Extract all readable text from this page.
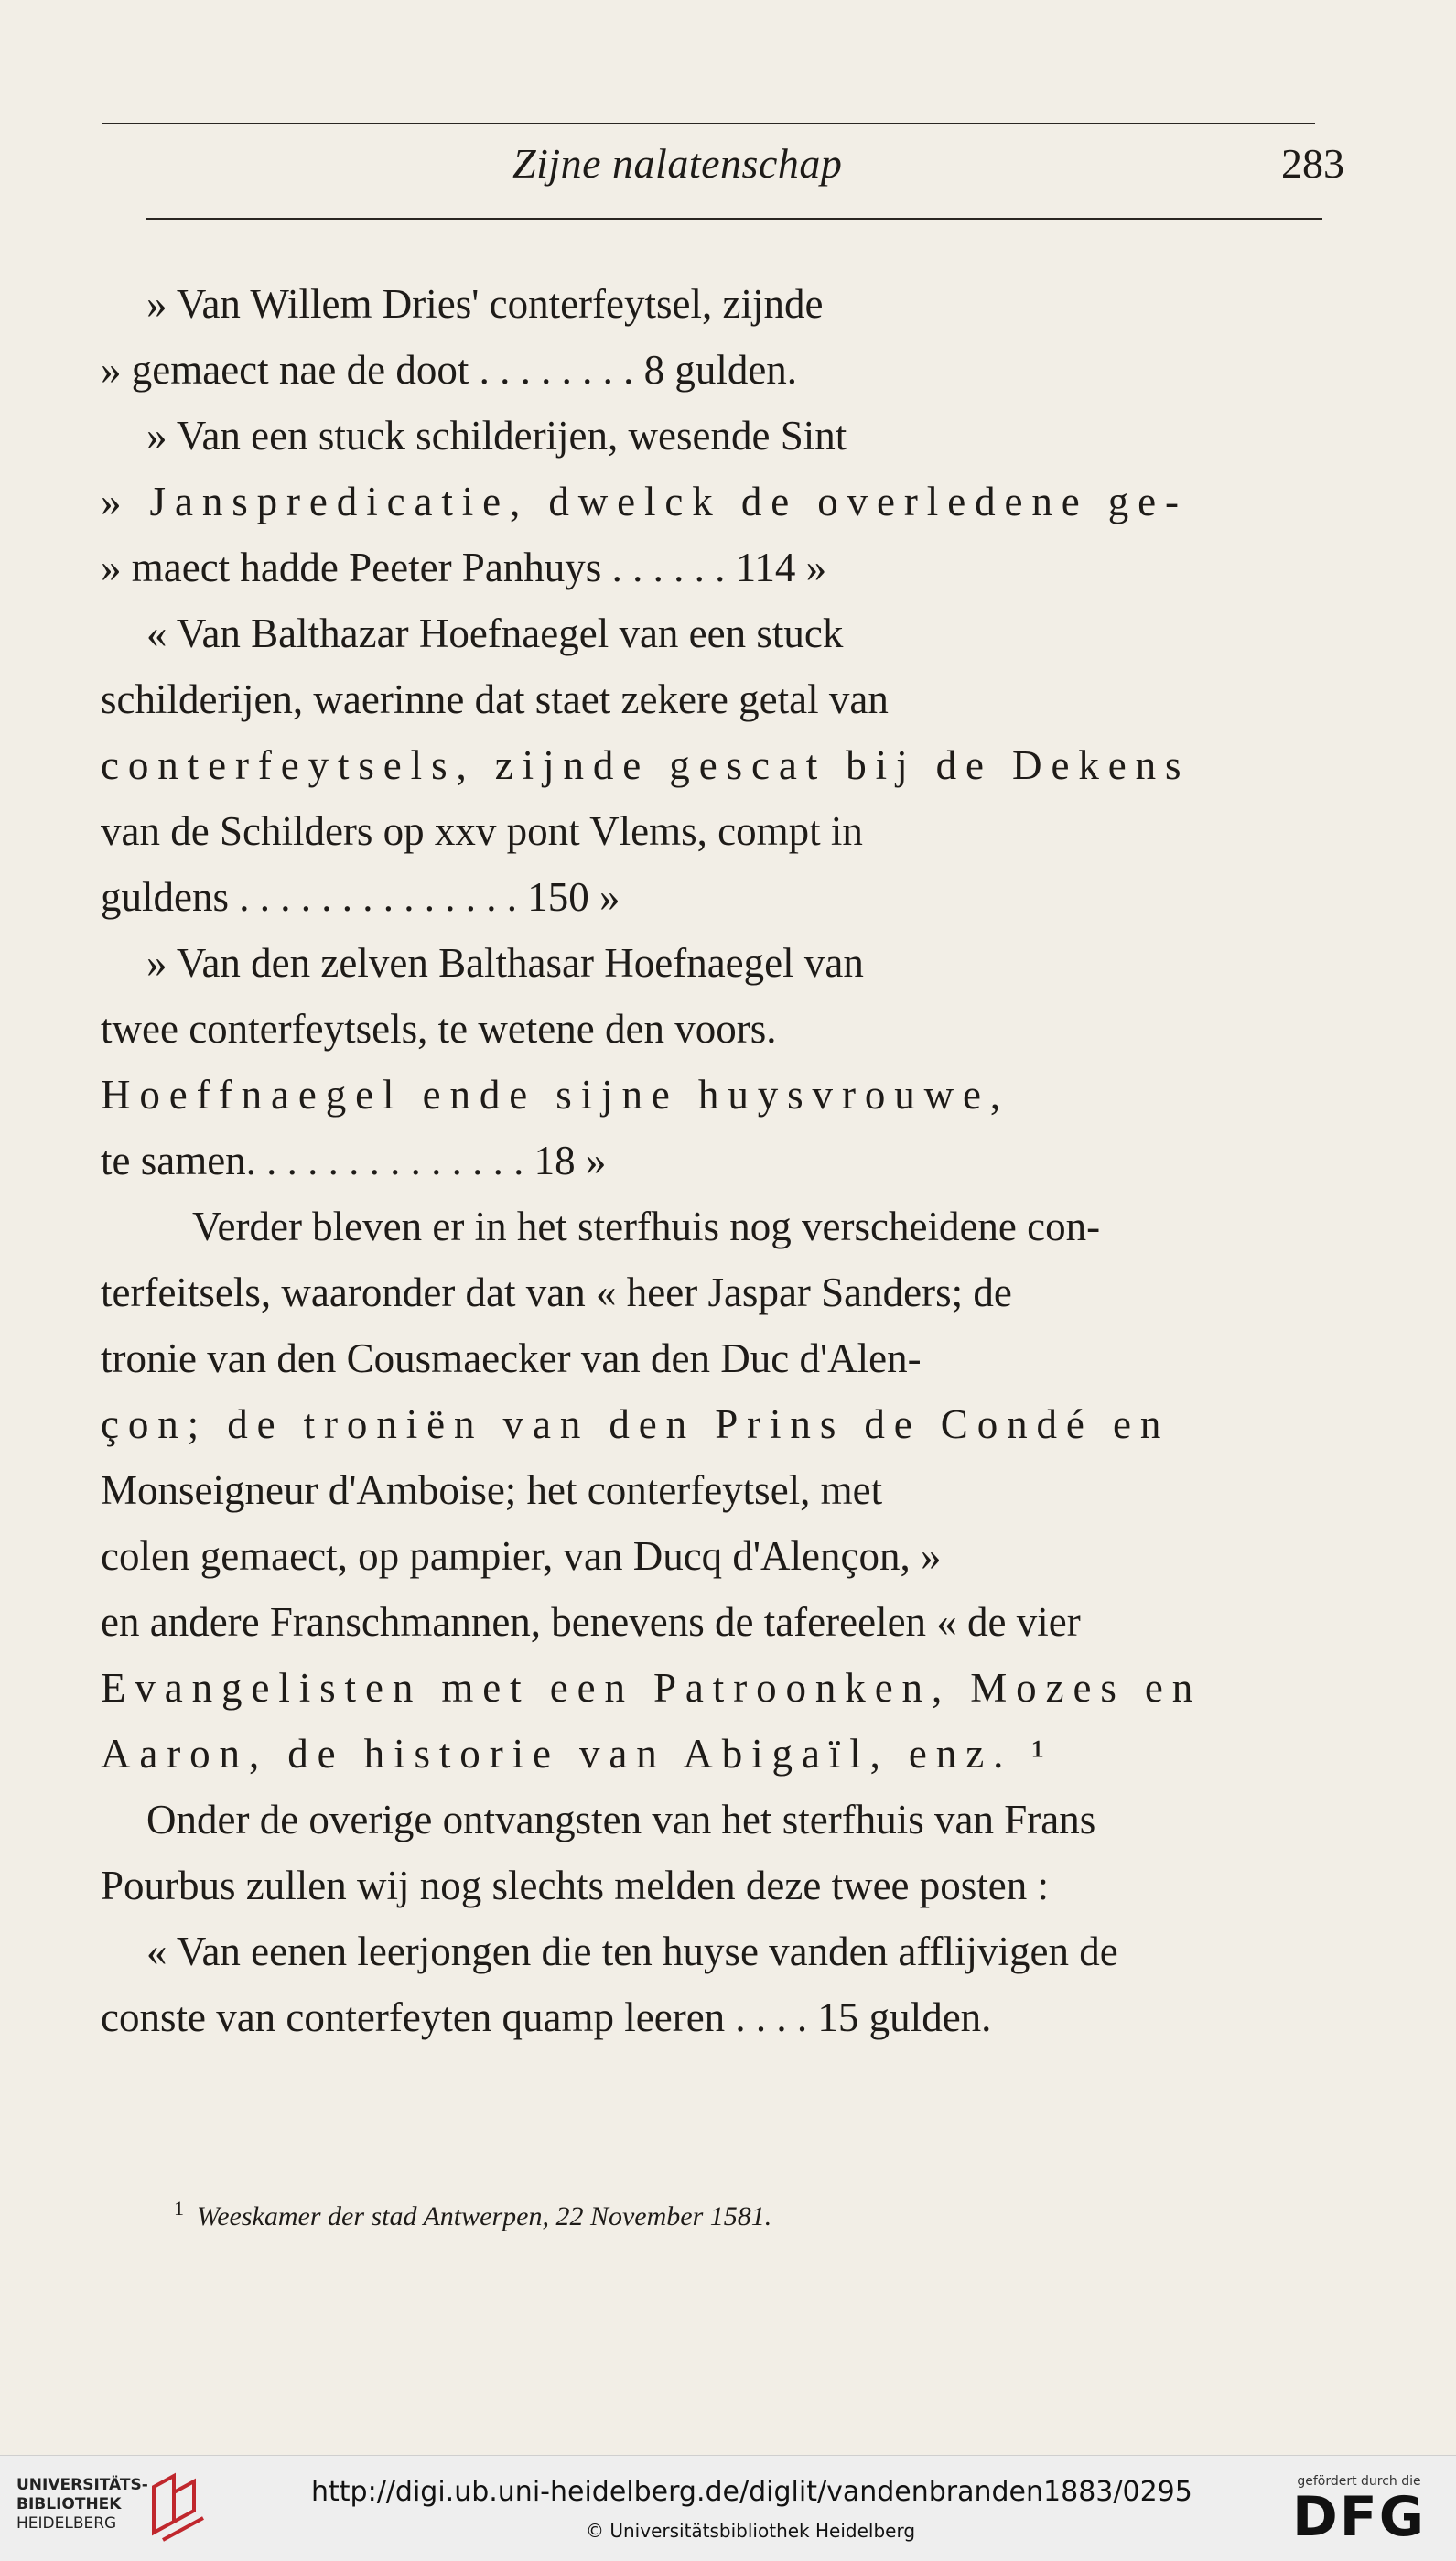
Zijne nalatenschap	283
» Van Willem Dries' conterfeytsel, zijnde
» gemaect nae de doot . . . . . . . . 8 gulden.
» Van een stuck schilderijen, wesende Sint
» Janspredicatie, dwelck de overledene ge-
» maect hadde Peeter Panhuys . . . . . . 114 »
« Van Balthazar Hoefnaegel van een stuck
schilderijen, waerinne dat staet zekere getal van
conterfeytsels, zijnde gescat bij de Dekens
van de Schilders op xxv pont Vlems, compt in
guldens . . . . . . . . . . . . . . 150 »
» Van den zelven Balthasar Hoefnaegel van
twee conterfeytsels, te wetene den voors.
Hoeffnaegel ende sijne huysvrouwe,
te samen. . . . . . . . . . . . . . 18 »
Verder bleven er in het sterfhuis nog verscheidene con-
terfeitsels, waaronder dat van « heer Jaspar Sanders; de
tronie van den Cousmaecker van den Duc d'Alen-
çon; de troniën van den Prins de Condé en
Monseigneur d'Amboise; het conterfeytsel, met
colen gemaect, op pampier, van Ducq d'Alençon, »
en andere Franschmannen, benevens de tafereelen « de vier
Evangelisten met een Patroonken, Mozes en
Aaron, de historie van Abigaïl, enz. ¹
Onder de overige ontvangsten van het sterfhuis van Frans
Pourbus zullen wij nog slechts melden deze twee posten :
« Van eenen leerjongen die ten huyse vanden afflijvigen de
conste van conterfeyten quamp leeren . . . . 15 gulden.
$^1$ Weeskamer der stad Antwerpen, 22 November 1581.
UNIVERSITÄTS-
BIBLIOTHEK
HEIDELBERG
http://digi.ub.uni-heidelberg.de/diglit/vandenbranden1883/0295
© Universitätsbibliothek Heidelberg
gefördert durch die
DFG
